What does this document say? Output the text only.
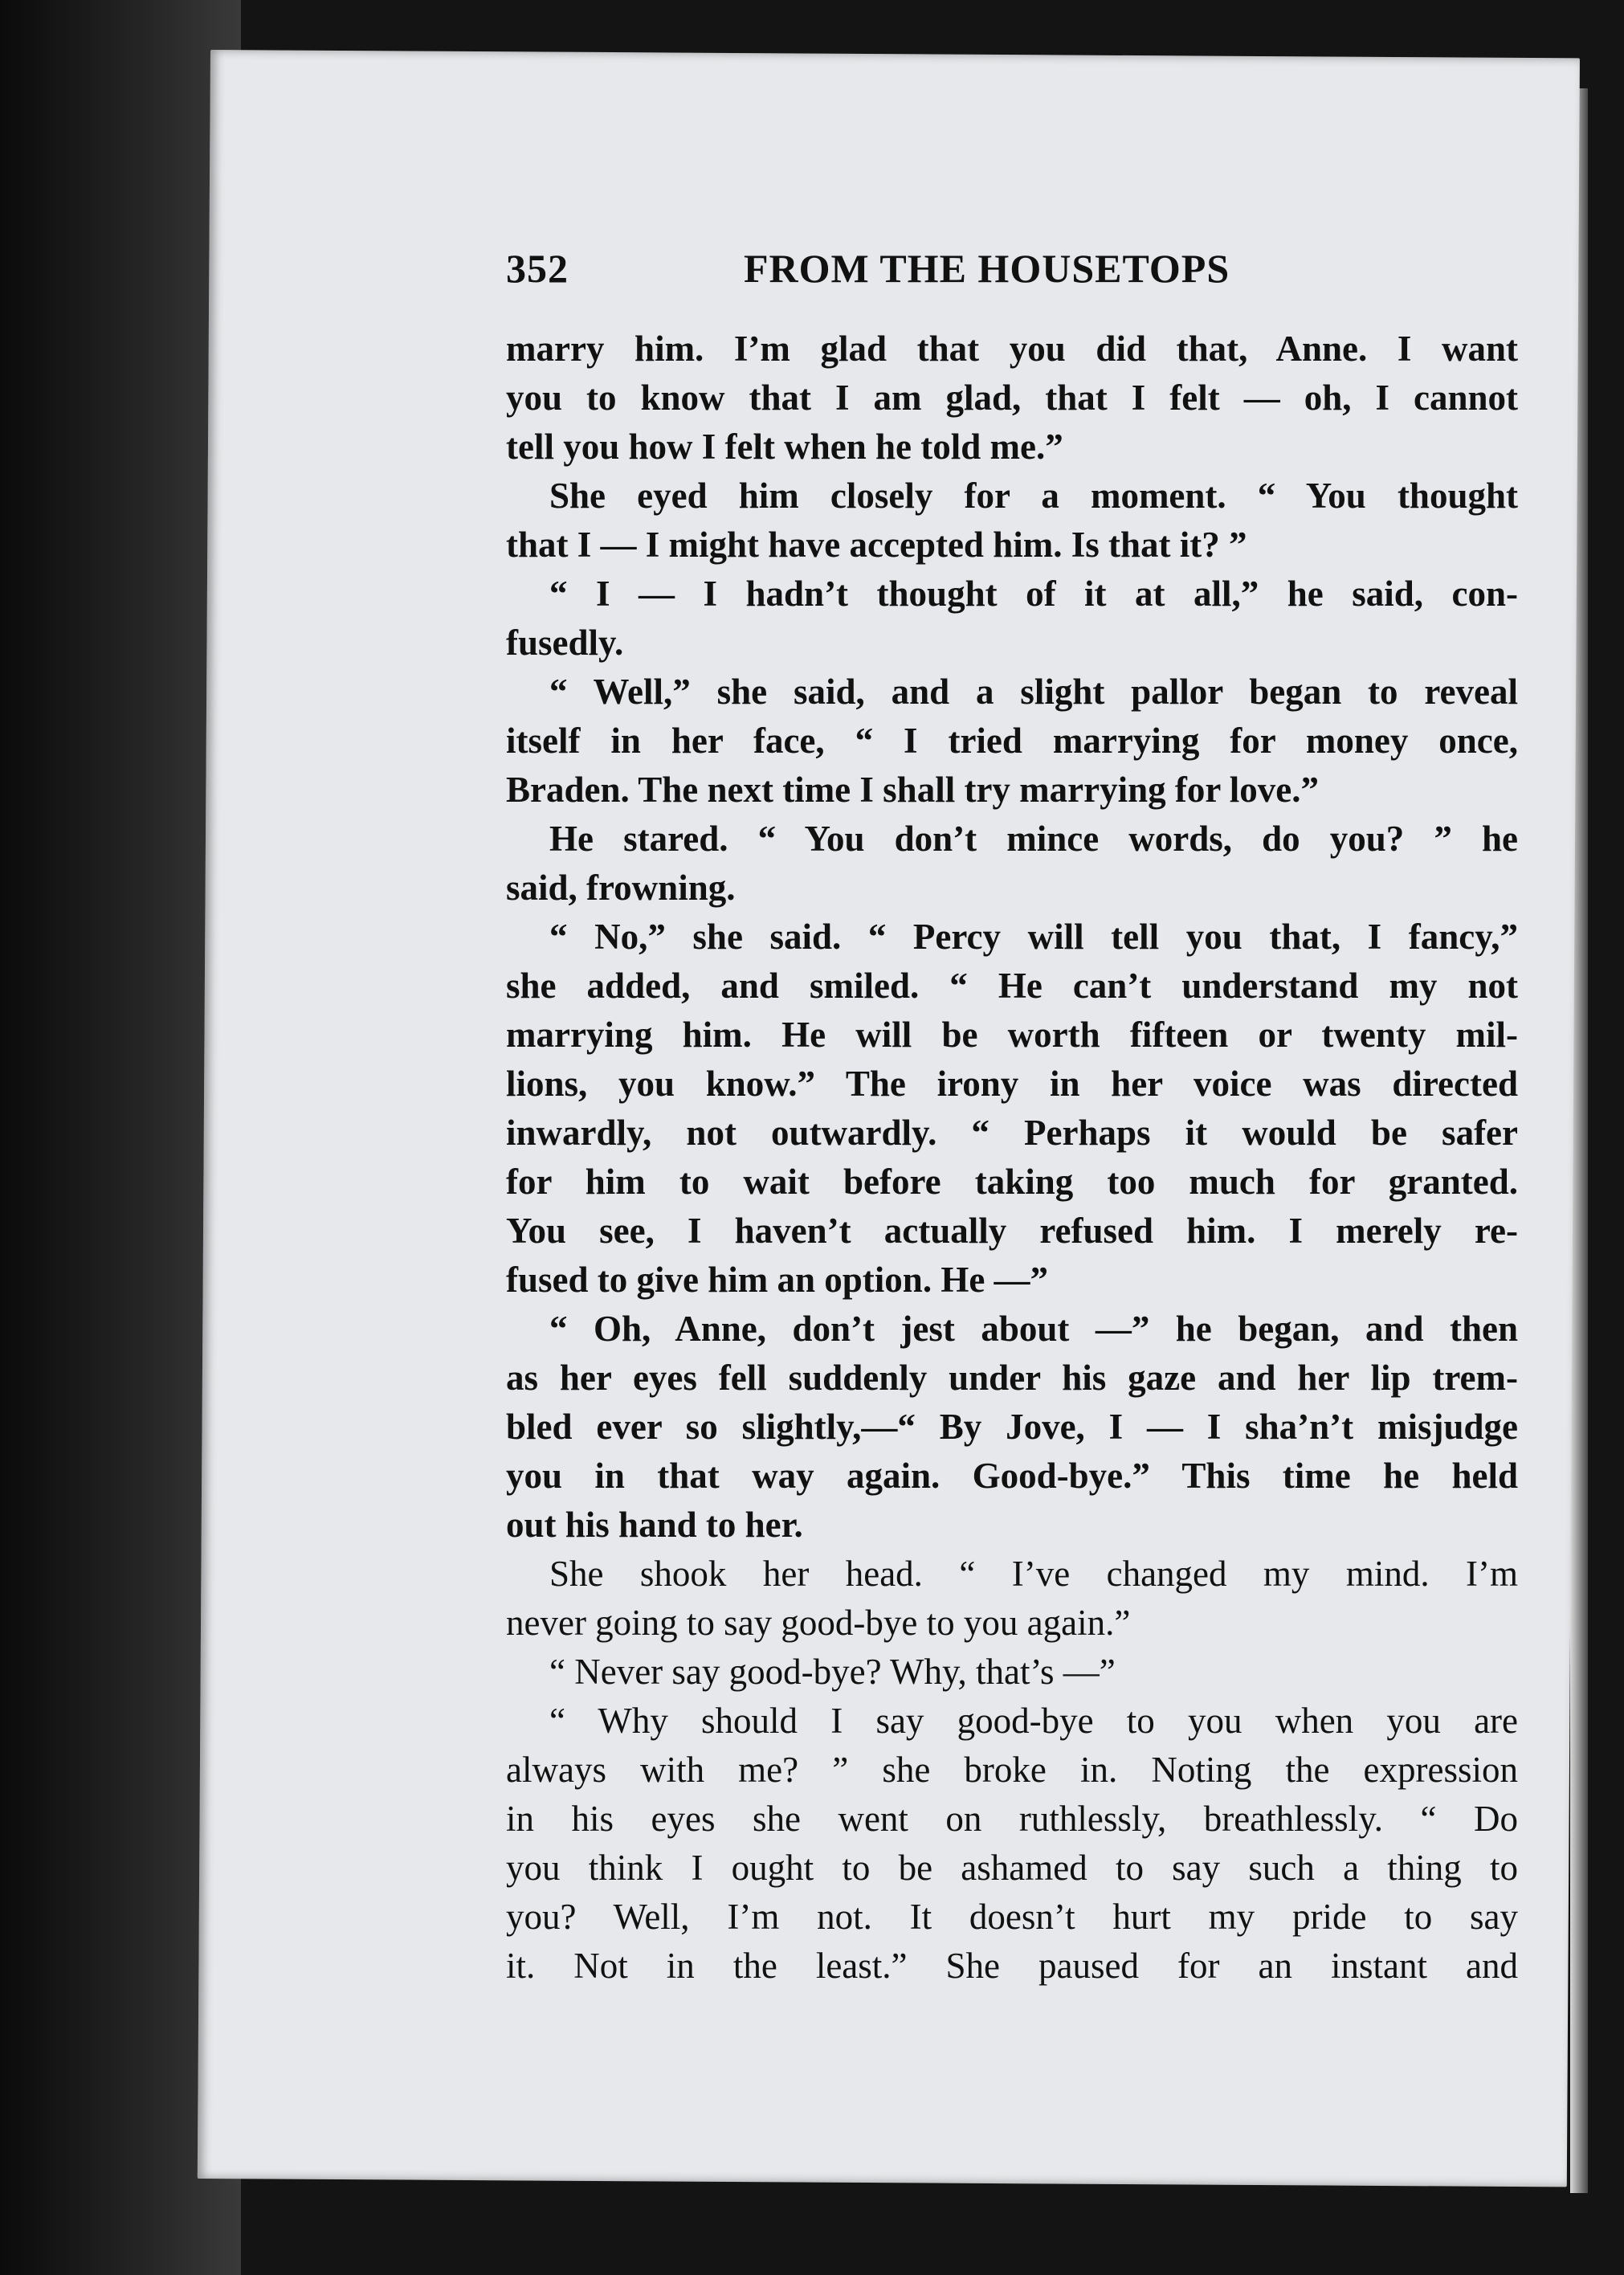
352	FROM THE HOUSETOPS
marry him. I’m glad that you did that, Anne. I want
you to know that I am glad, that I felt — oh, I cannot
tell you how I felt when he told me.”
She eyed him closely for a moment. “ You thought
that I — I might have accepted him. Is that it? ”
“ I — I hadn’t thought of it at all,” he said, con-
fusedly.
“ Well,” she said, and a slight pallor began to reveal
itself in her face, “ I tried marrying for money once,
Braden. The next time I shall try marrying for love.”
He stared. “ You don’t mince words, do you? ” he
said, frowning.
“ No,” she said. “ Percy will tell you that, I fancy,”
she added, and smiled. “ He can’t understand my not
marrying him. He will be worth fifteen or twenty mil-
lions, you know.” The irony in her voice was directed
inwardly, not outwardly. “ Perhaps it would be safer
for him to wait before taking too much for granted.
You see, I haven’t actually refused him. I merely re-
fused to give him an option. He —”
“ Oh, Anne, don’t jest about —” he began, and then
as her eyes fell suddenly under his gaze and her lip trem-
bled ever so slightly,—“ By Jove, I — I sha’n’t misjudge
you in that way again. Good-bye.” This time he held
out his hand to her.
She shook her head. “ I’ve changed my mind. I’m
never going to say good-bye to you again.”
“ Never say good-bye? Why, that’s —”
“ Why should I say good-bye to you when you are
always with me? ” she broke in. Noting the expression
in his eyes she went on ruthlessly, breathlessly. “ Do
you think I ought to be ashamed to say such a thing to
you? Well, I’m not. It doesn’t hurt my pride to say
it. Not in the least.” She paused for an instant and
